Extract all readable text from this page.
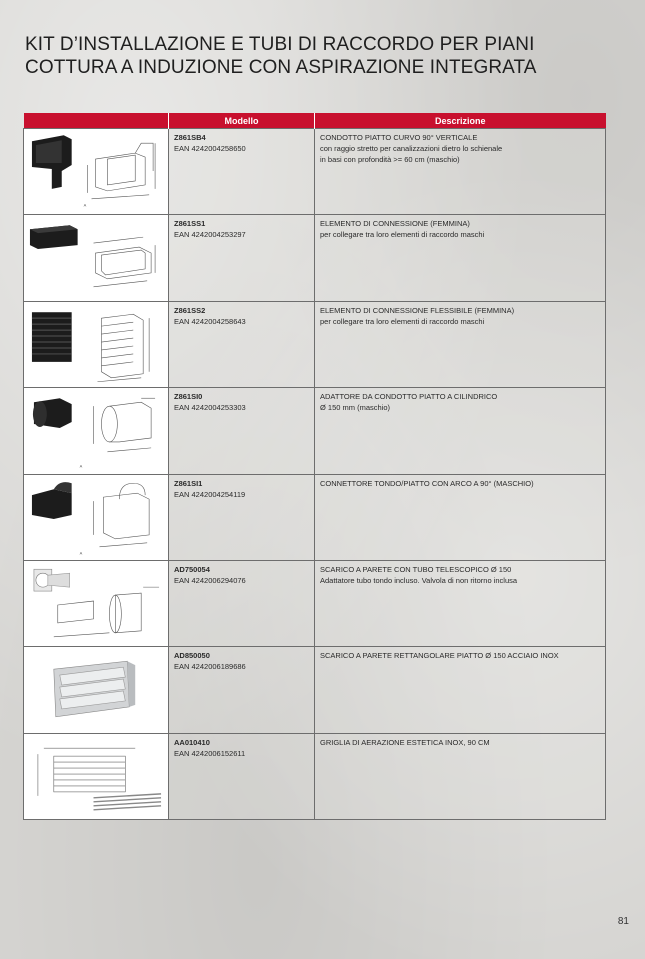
KIT D’INSTALLAZIONE E TUBI DI RACCORDO PER PIANI
COTTURA A INDUZIONE CON ASPIRAZIONE INTEGRATA
	Modello	Descrizione

A	Z861SB4
EAN 4242004258650	CONDOTTO PIATTO CURVO 90° VERTICALE
con raggio stretto per canalizzazioni dietro lo schienale
in basi con profondità >= 60 cm (maschio)

Z861SS1
EAN 4242004253297	ELEMENTO DI CONNESSIONE (FEMMINA)
per collegare tra loro elementi di raccordo maschi

Z861SS2
EAN 4242004258643	ELEMENTO DI CONNESSIONE FLESSIBILE (FEMMINA)
per collegare tra loro elementi di raccordo maschi

A	Z861SI0
EAN 4242004253303	ADATTORE DA CONDOTTO PIATTO A CILINDRICO
Ø 150 mm (maschio)

A	Z861SI1
EAN 4242004254119	CONNETTORE TONDO/PIATTO CON ARCO A 90° (MASCHIO)

AD750054
EAN 4242006294076	SCARICO A PARETE CON TUBO TELESCOPICO Ø 150
Adattatore tubo tondo incluso. Valvola di non ritorno inclusa

AD850050
EAN 4242006189686	SCARICO A PARETE RETTANGOLARE PIATTO Ø 150 ACCIAIO INOX

AA010410
EAN 4242006152611	GRIGLIA DI AERAZIONE ESTETICA INOX, 90 CM
81
